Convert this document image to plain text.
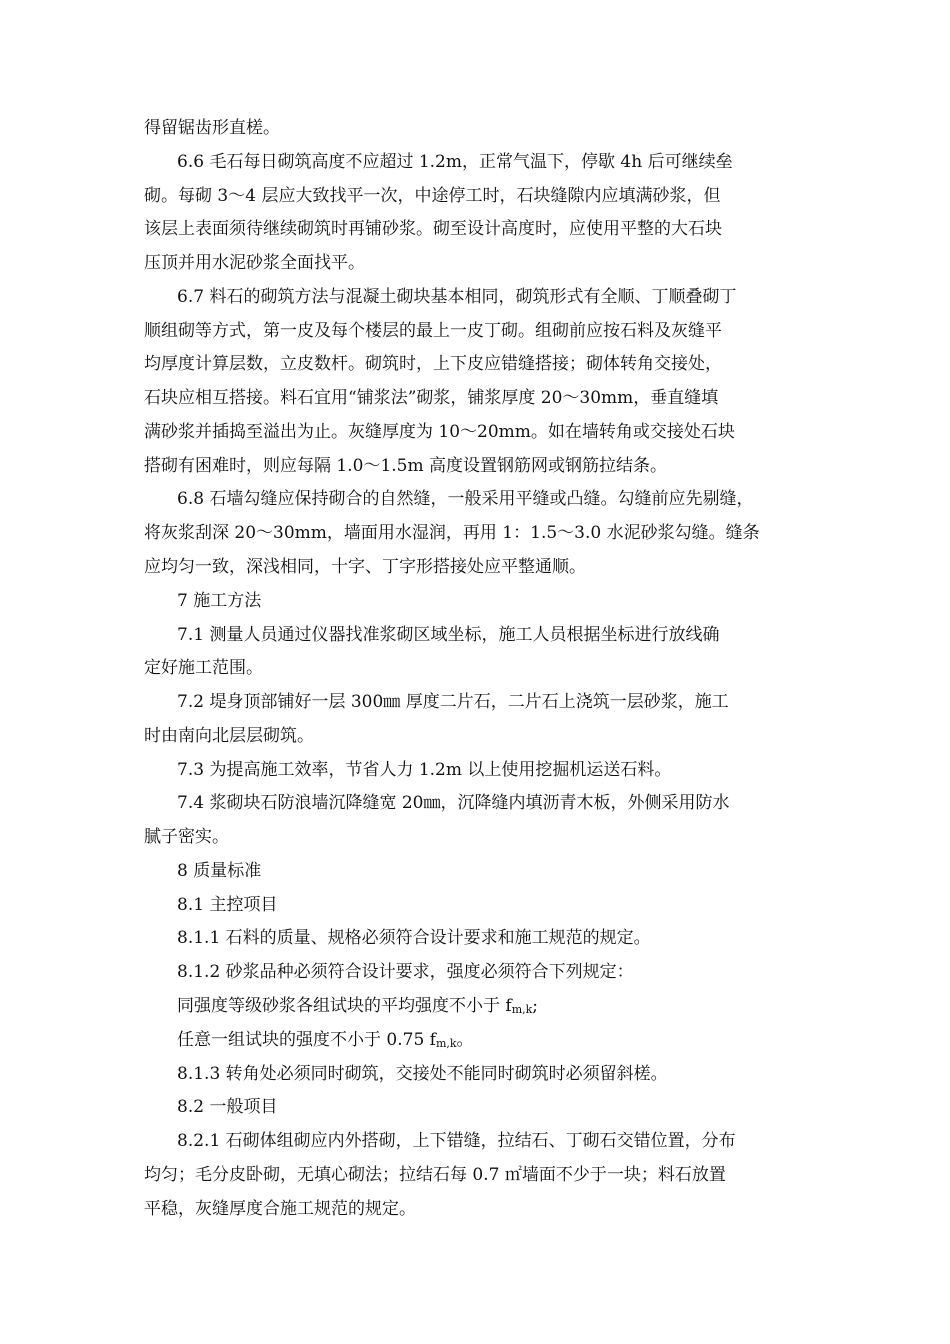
得留锯齿形直槎。
6.6 毛石每日砌筑高度不应超过 1.2m，正常气温下，停歇 4h 后可继续垒
砌。每砌 3～4 层应大致找平一次，中途停工时，石块缝隙内应填满砂浆，但
该层上表面须待继续砌筑时再铺砂浆。砌至设计高度时，应使用平整的大石块
压顶并用水泥砂浆全面找平。
6.7 料石的砌筑方法与混凝土砌块基本相同，砌筑形式有全顺、丁顺叠砌丁
顺组砌等方式，第一皮及每个楼层的最上一皮丁砌。组砌前应按石料及灰缝平
均厚度计算层数，立皮数杆。砌筑时，上下皮应错缝搭接；砌体转角交接处，
石块应相互搭接。料石宜用“铺浆法”砌浆，铺浆厚度 20～30mm，垂直缝填
满砂浆并插捣至溢出为止。灰缝厚度为 10～20mm。如在墙转角或交接处石块
搭砌有困难时，则应每隔 1.0～1.5m 高度设置钢筋网或钢筋拉结条。
6.8 石墙勾缝应保持砌合的自然缝，一般采用平缝或凸缝。勾缝前应先剔缝，
将灰浆刮深 20～30mm，墙面用水湿润，再用 1：1.5～3.0 水泥砂浆勾缝。缝条
应均匀一致，深浅相同，十字、丁字形搭接处应平整通顺。
7 施工方法
7.1 测量人员通过仪器找准浆砌区域坐标，施工人员根据坐标进行放线确
定好施工范围。
7.2 堤身顶部铺好一层 300㎜ 厚度二片石，二片石上浇筑一层砂浆，施工
时由南向北层层砌筑。
7.3 为提高施工效率，节省人力 1.2m 以上使用挖掘机运送石料。
7.4 浆砌块石防浪墙沉降缝宽 20㎜，沉降缝内填沥青木板，外侧采用防水
腻子密实。
8 质量标准
8.1 主控项目
8.1.1 石料的质量、规格必须符合设计要求和施工规范的规定。
8.1.2 砂浆品种必须符合设计要求，强度必须符合下列规定：
同强度等级砂浆各组试块的平均强度不小于 $f_{m,k}$;
任意一组试块的强度不小于 0.75 $f_{m,k}$。
8.1.3 转角处必须同时砌筑，交接处不能同时砌筑时必须留斜槎。
8.2 一般项目
8.2.1 石砌体组砌应内外搭砌，上下错缝，拉结石、丁砌石交错位置，分布
均匀；毛分皮卧砌，无填心砌法；拉结石每 0.7 ㎡墙面不少于一块；料石放置
平稳，灰缝厚度合施工规范的规定。
